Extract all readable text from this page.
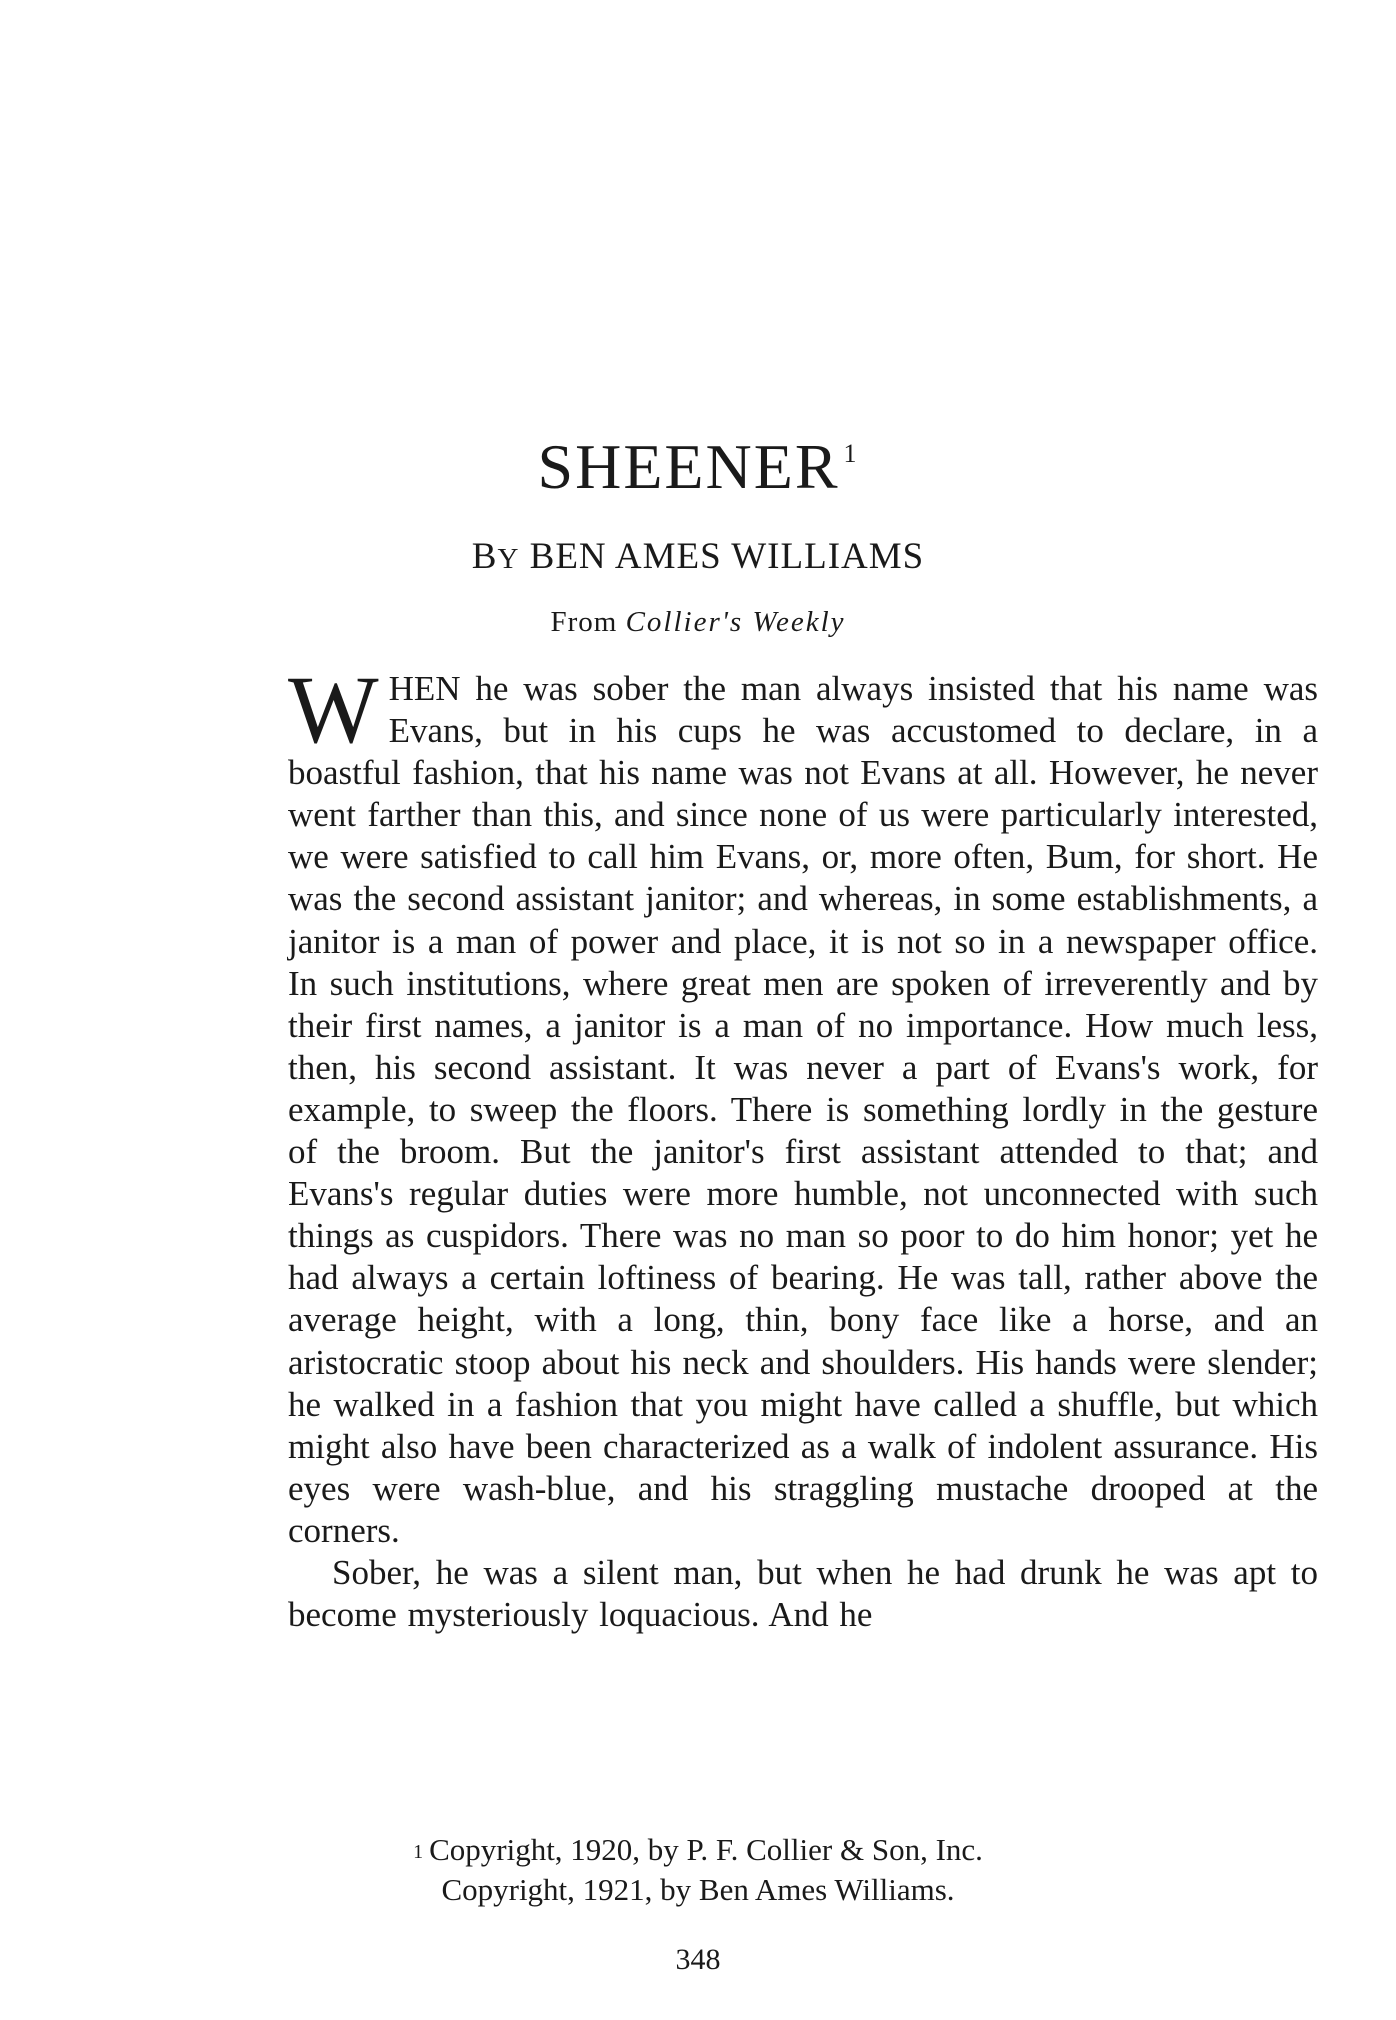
SHEENER $^1$
BY BEN AMES WILLIAMS
From Collier's Weekly

WHEN he was sober the man always insisted that his name was Evans, but in his cups he was accustomed to declare, in a boastful fashion, that his name was not Evans at all. However, he never went farther than this, and since none of us were particularly interested, we were satisfied to call him Evans, or, more often, Bum, for short. He was the second assistant janitor; and whereas, in some establishments, a janitor is a man of power and place, it is not so in a newspaper office. In such institutions, where great men are spoken of irreverently and by their first names, a janitor is a man of no importance. How much less, then, his second assistant. It was never a part of Evans's work, for example, to sweep the floors. There is something lordly in the gesture of the broom. But the janitor's first assistant attended to that; and Evans's regular duties were more humble, not unconnected with such things as cuspidors. There was no man so poor to do him honor; yet he had always a certain loftiness of bearing. He was tall, rather above the average height, with a long, thin, bony face like a horse, and an aristocratic stoop about his neck and shoulders. His hands were slender; he walked in a fashion that you might have called a shuffle, but which might also have been characterized as a walk of indolent assurance. His eyes were wash-blue, and his straggling mustache drooped at the corners.

Sober, he was a silent man, but when he had drunk he was apt to become mysteriously loquacious. And he

$^1$ Copyright, 1920, by P. F. Collier & Son, Inc.
Copyright, 1921, by Ben Ames Williams.
348
